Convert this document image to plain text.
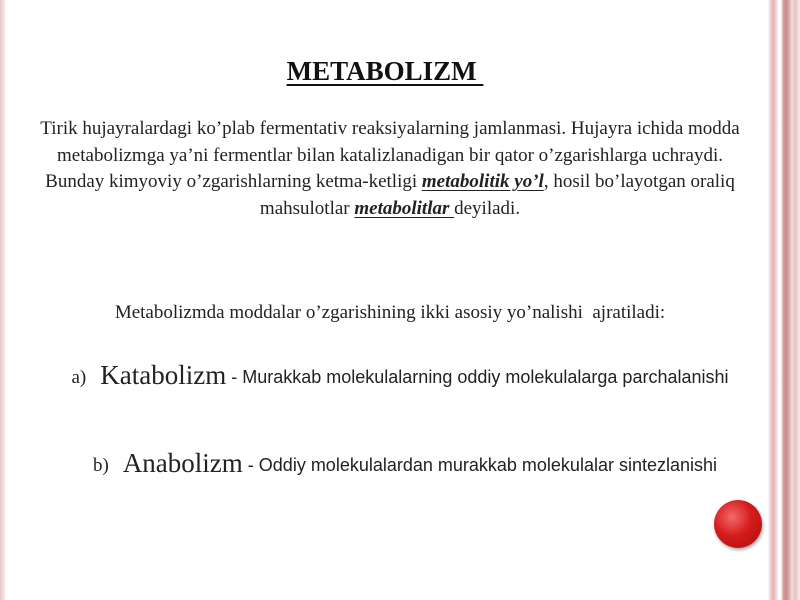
METABOLIZM
Tirik hujayralardagi ko’plab fermentativ reaksiyalarning jamlanmasi. Hujayra ichida modda metabolizmga ya’ni fermentlar bilan katalizlanadigan bir qator o’zgarishlarga uchraydi. Bunday kimyoviy o’zgarishlarning ketma-ketligi metabolitik yo’l, hosil bo’layotgan oraliq mahsulotlar metabolitlar deyiladi.
Metabolizmda moddalar o’zgarishining ikki asosiy yo’nalishi  ajratiladi:
a) Katabolizm - Murakkab molekulalarning oddiy molekulalarga parchalanishi
b) Anabolizm - Oddiy molekulalardan murakkab molekulalar sintezlanishi
